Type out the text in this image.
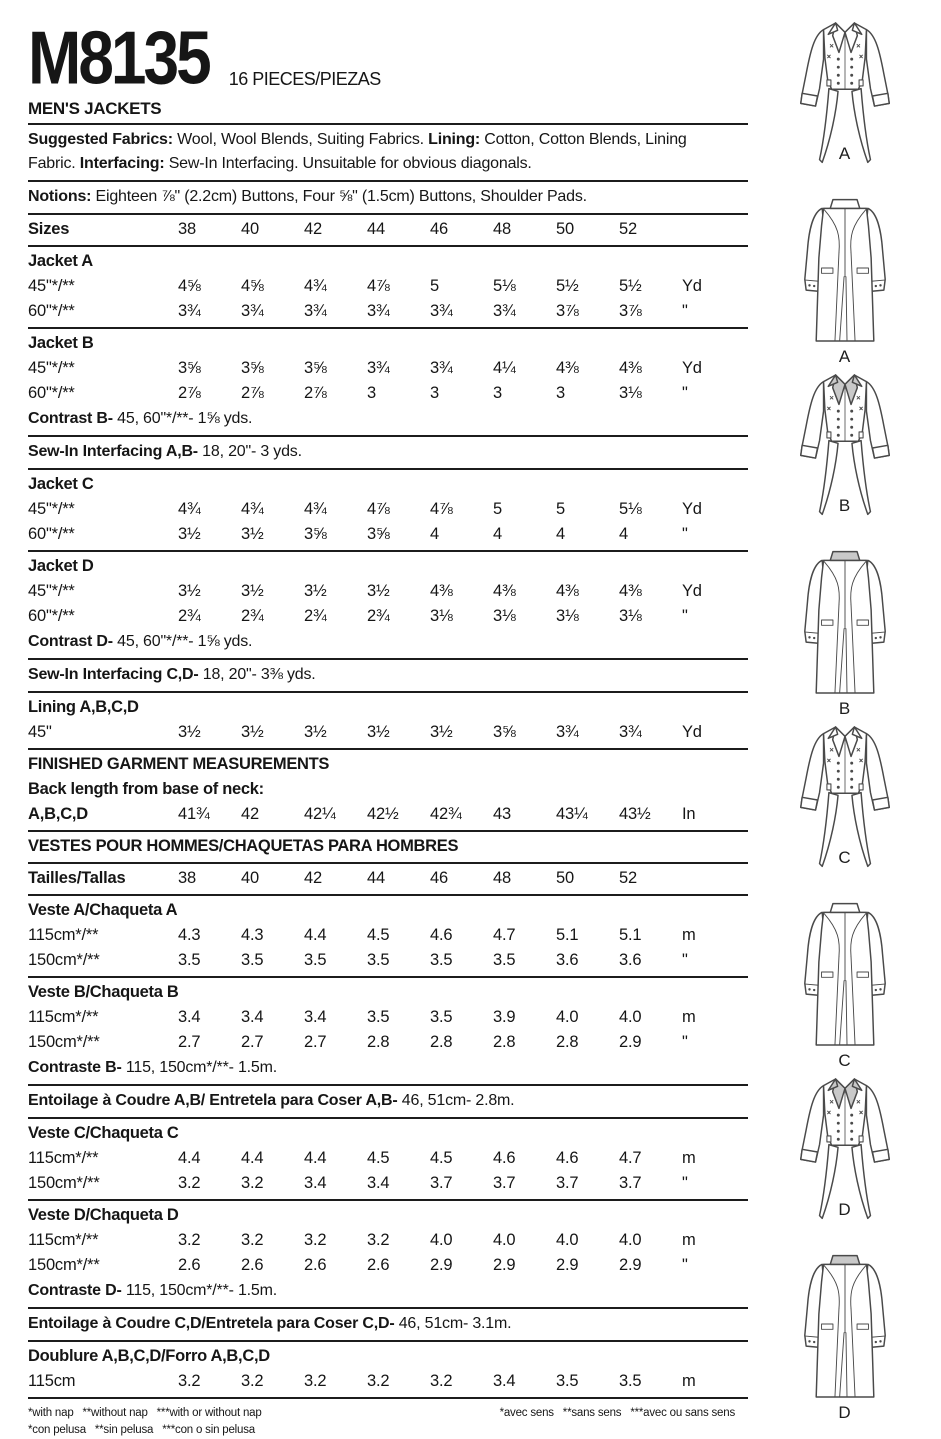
M8135 16 PIECES/PIEZAS
MEN'S JACKETS
Suggested Fabrics: Wool, Wool Blends, Suiting Fabrics. Lining: Cotton, Cotton Blends, Lining Fabric. Interfacing: Sew-In Interfacing. Unsuitable for obvious diagonals.
Notions: Eighteen ⅞" (2.2cm) Buttons, Four ⅝" (1.5cm) Buttons, Shoulder Pads.
Sizes	38	40	42	44	46	48	50	52
Jacket A
45"*/**	4⅝	4⅝	4¾	4⅞	5	5⅛	5½	5½	Yd
60"*/**	3¾	3¾	3¾	3¾	3¾	3¾	3⅞	3⅞	"
Jacket B
45"*/**	3⅝	3⅝	3⅝	3¾	3¾	4¼	4⅜	4⅜	Yd
60"*/**	2⅞	2⅞	2⅞	3	3	3	3	3⅛	"
Contrast B- 45, 60"*/**- 1⅝ yds.
Sew-In Interfacing A,B- 18, 20"- 3 yds.
Jacket C
45"*/**	4¾	4¾	4¾	4⅞	4⅞	5	5	5⅛	Yd
60"*/**	3½	3½	3⅝	3⅝	4	4	4	4	"
Jacket D
45"*/**	3½	3½	3½	3½	4⅜	4⅜	4⅜	4⅜	Yd
60"*/**	2¾	2¾	2¾	2¾	3⅛	3⅛	3⅛	3⅛	"
Contrast D- 45, 60"*/**- 1⅝ yds.
Sew-In Interfacing C,D- 18, 20"- 3⅜ yds.
Lining A,B,C,D
45"	3½	3½	3½	3½	3½	3⅝	3¾	3¾	Yd
FINISHED GARMENT MEASUREMENTS
Back length from base of neck:
A,B,C,D	41¾	42	42¼	42½	42¾	43	43¼	43½	In
VESTES POUR HOMMES/CHAQUETAS PARA HOMBRES
Tailles/Tallas	38	40	42	44	46	48	50	52
Veste A/Chaqueta A
115cm*/**	4.3	4.3	4.4	4.5	4.6	4.7	5.1	5.1	m
150cm*/**	3.5	3.5	3.5	3.5	3.5	3.5	3.6	3.6	"
Veste B/Chaqueta B
115cm*/**	3.4	3.4	3.4	3.5	3.5	3.9	4.0	4.0	m
150cm*/**	2.7	2.7	2.7	2.8	2.8	2.8	2.8	2.9	"
Contraste B- 115, 150cm*/**- 1.5m.
Entoilage à Coudre A,B/ Entretela para Coser A,B- 46, 51cm- 2.8m.
Veste C/Chaqueta C
115cm*/**	4.4	4.4	4.4	4.5	4.5	4.6	4.6	4.7	m
150cm*/**	3.2	3.2	3.4	3.4	3.7	3.7	3.7	3.7	"
Veste D/Chaqueta D
115cm*/**	3.2	3.2	3.2	3.2	4.0	4.0	4.0	4.0	m
150cm*/**	2.6	2.6	2.6	2.6	2.9	2.9	2.9	2.9	"
Contraste D- 115, 150cm*/**- 1.5m.
Entoilage à Coudre C,D/Entretela para Coser C,D- 46, 51cm- 3.1m.
Doublure A,B,C,D/Forro A,B,C,D
115cm	3.2	3.2	3.2	3.2	3.2	3.4	3.5	3.5	m
*with nap   **without nap   ***with or without nap
*con pelusa   **sin pelusa   ***con o sin pelusa
*avec sens   **sans sens   ***avec ou sans sens
A
A
B
B
C
C
D
D
